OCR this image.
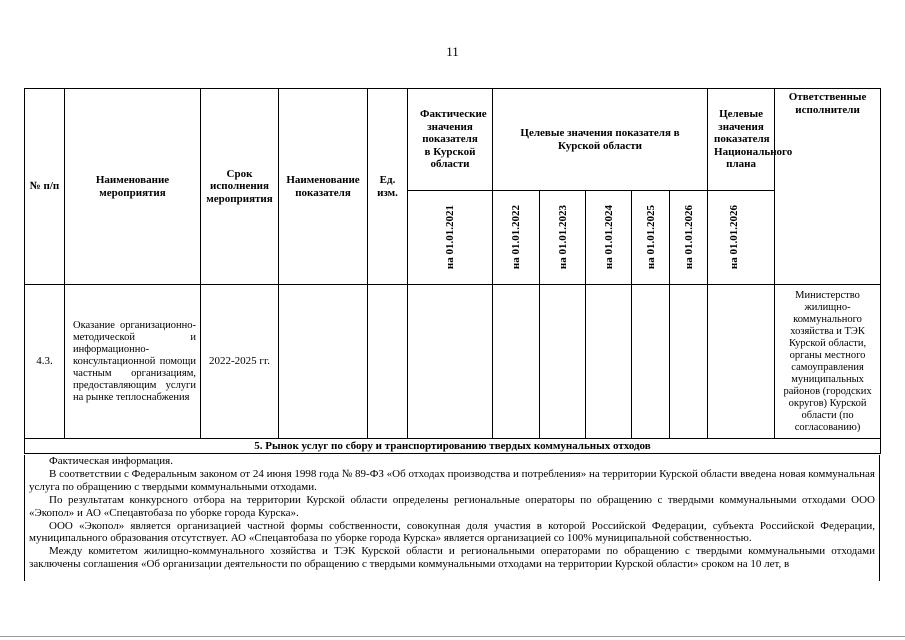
11
№ п/п	Наименование мероприятия	Срок исполнения мероприятия	Наименование показателя	Ед. изм.	Фактические значения показателя в Курской области	Целевые значения показателя в Курской области					Целевые значения показателя Национального плана	Ответственные исполнители

					на 01.01.2021	на 01.01.2022	на 01.01.2023	на 01.01.2024	на 01.01.2025	на 01.01.2026	на 01.01.2026	

4.3.	Оказание организационно-методической и информационно-консультационной помощи частным организациям, предоставляющим услуги на рынке теплоснабжения	2022-2025 гг.										Министерство жилищно-коммунального хозяйства и ТЭК Курской области, органы местного самоуправления муниципальных районов (городских округов) Курской области (по согласованию)
5. Рынок услуг по сбору и транспортированию твердых коммунальных отходов												

Фактическая информация.

В соответствии с Федеральным законом от 24 июня 1998 года № 89-ФЗ «Об отходах производства и потребления» на территории Курской области введена новая коммунальная услуга по обращению с твердыми коммунальными отходами.

По результатам конкурсного отбора на территории Курской области определены региональные операторы по обращению с твердыми коммунальными отходами ООО «Экопол» и АО «Спецавтобаза по уборке города Курска».

ООО «Экопол» является организацией частной формы собственности, совокупная доля участия в которой Российской Федерации, субъекта Российской Федерации, муниципального образования отсутствует. АО «Спецавтобаза по уборке города Курска» является организацией со 100% муниципальной собственностью.

Между комитетом жилищно-коммунального хозяйства и ТЭК Курской области и региональными операторами по обращению с твердыми коммунальными отходами заключены соглашения «Об организации деятельности по обращению с твердыми коммунальными отходами на территории Курской области» сроком на 10 лет, в
